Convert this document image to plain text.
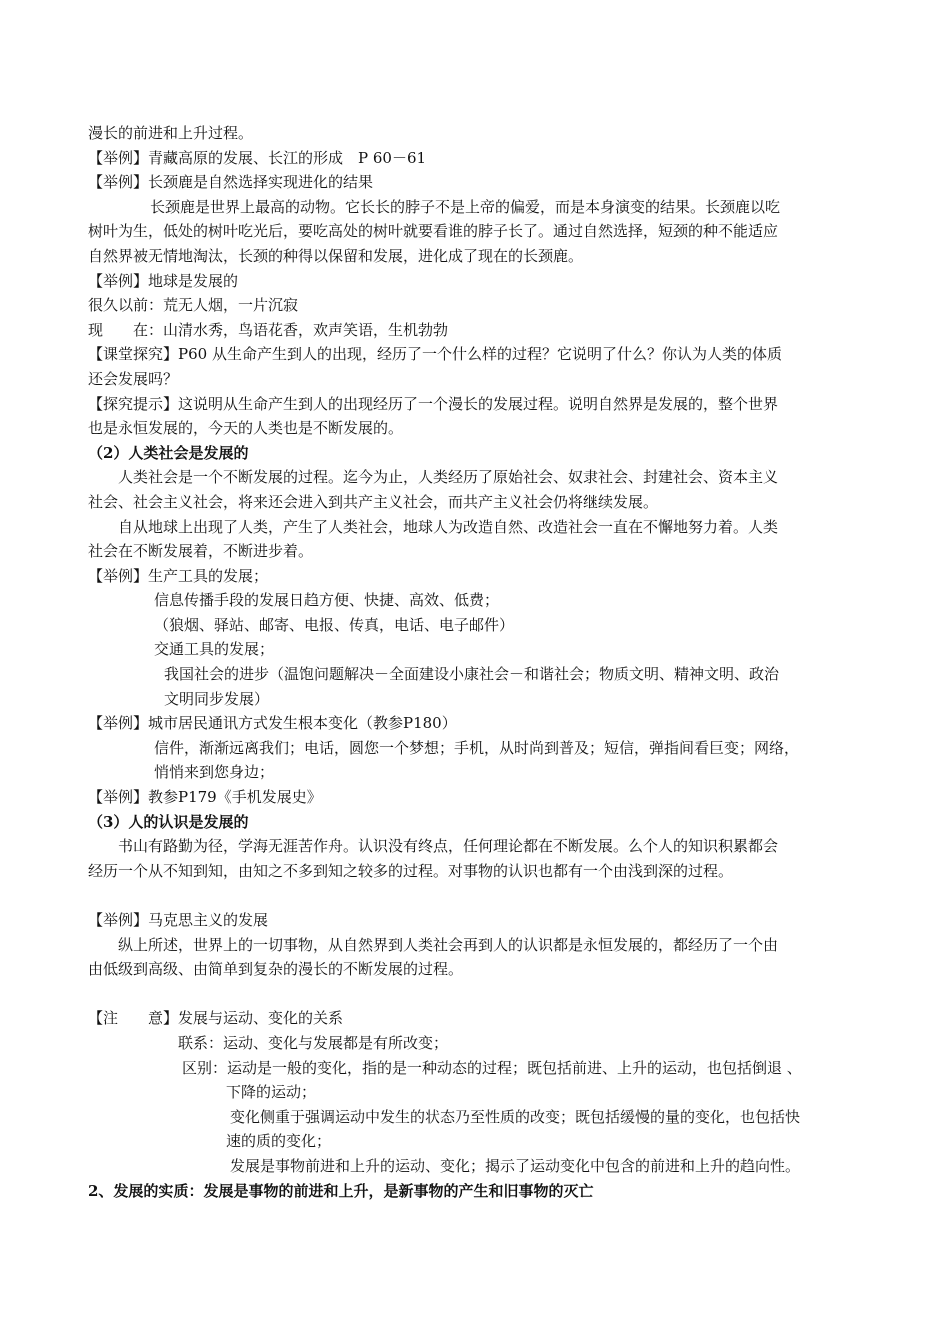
漫长的前进和上升过程。
【举例】青藏高原的发展、长江的形成　P 60－61
【举例】长颈鹿是自然选择实现进化的结果
长颈鹿是世界上最高的动物。它长长的脖子不是上帝的偏爱，而是本身演变的结果。长颈鹿以吃
树叶为生，低处的树叶吃光后，要吃高处的树叶就要看谁的脖子长了。通过自然选择，短颈的种不能适应
自然界被无情地淘汰，长颈的种得以保留和发展，进化成了现在的长颈鹿。
【举例】地球是发展的
很久以前：荒无人烟，一片沉寂
现　　在：山清水秀，鸟语花香，欢声笑语，生机勃勃
【课堂探究】P60 从生命产生到人的出现，经历了一个什么样的过程？它说明了什么？你认为人类的体质
还会发展吗？
【探究提示】这说明从生命产生到人的出现经历了一个漫长的发展过程。说明自然界是发展的，整个世界
也是永恒发展的，今天的人类也是不断发展的。
（2）人类社会是发展的
人类社会是一个不断发展的过程。迄今为止，人类经历了原始社会、奴隶社会、封建社会、资本主义
社会、社会主义社会，将来还会进入到共产主义社会，而共产主义社会仍将继续发展。
自从地球上出现了人类，产生了人类社会，地球人为改造自然、改造社会一直在不懈地努力着。人类
社会在不断发展着，不断进步着。
【举例】生产工具的发展；
信息传播手段的发展日趋方便、快捷、高效、低费；
（狼烟、驿站、邮寄、电报、传真，电话、电子邮件）
交通工具的发展；
我国社会的进步（温饱问题解决－全面建设小康社会－和谐社会；物质文明、精神文明、政治
文明同步发展）
【举例】城市居民通讯方式发生根本变化（教参P180）
信件，渐渐远离我们；电话，圆您一个梦想；手机，从时尚到普及；短信，弹指间看巨变；网络，
悄悄来到您身边；
【举例】教参P179《手机发展史》
（3）人的认识是发展的
书山有路勤为径，学海无涯苦作舟。认识没有终点，任何理论都在不断发展。么个人的知识积累都会
经历一个从不知到知，由知之不多到知之较多的过程。对事物的认识也都有一个由浅到深的过程。
【举例】马克思主义的发展
纵上所述，世界上的一切事物，从自然界到人类社会再到人的认识都是永恒发展的，都经历了一个由
由低级到高级、由简单到复杂的漫长的不断发展的过程。
【注　　意】发展与运动、变化的关系
联系：运动、变化与发展都是有所改变；
区别：运动是一般的变化，指的是一种动态的过程；既包括前进、上升的运动，也包括倒退 、
下降的运动；
变化侧重于强调运动中发生的状态乃至性质的改变；既包括缓慢的量的变化，也包括快
速的质的变化；
发展是事物前进和上升的运动、变化；揭示了运动变化中包含的前进和上升的趋向性。
2、发展的实质：发展是事物的前进和上升，是新事物的产生和旧事物的灭亡
